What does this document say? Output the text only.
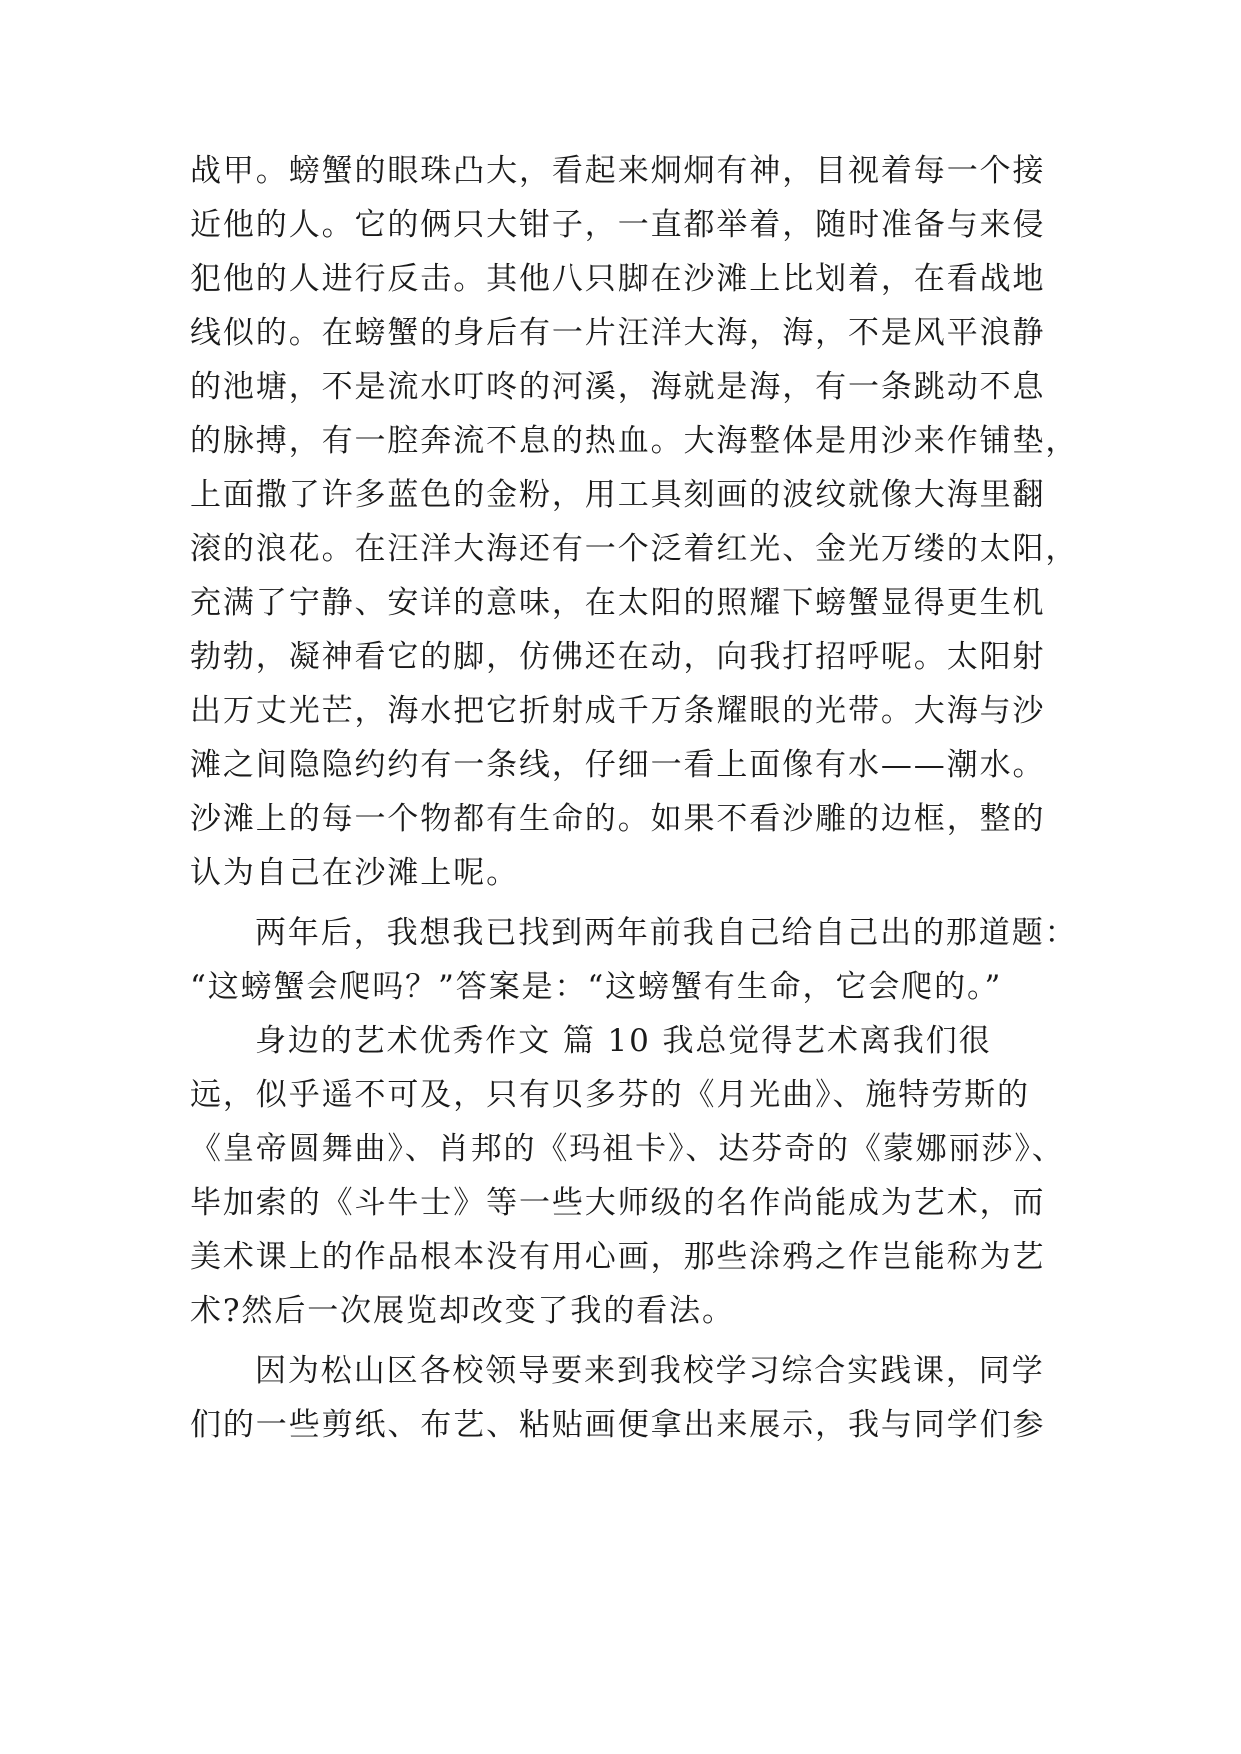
战甲。螃蟹的眼珠凸大，看起来炯炯有神，目视着每一个接
近他的人。它的俩只大钳子，一直都举着，随时准备与来侵
犯他的人进行反击。其他八只脚在沙滩上比划着，在看战地
线似的。在螃蟹的身后有一片汪洋大海，海，不是风平浪静
的池塘，不是流水叮咚的河溪，海就是海，有一条跳动不息
的脉搏，有一腔奔流不息的热血。大海整体是用沙来作铺垫，
上面撒了许多蓝色的金粉，用工具刻画的波纹就像大海里翻
滚的浪花。在汪洋大海还有一个泛着红光、金光万缕的太阳，
充满了宁静、安详的意味，在太阳的照耀下螃蟹显得更生机
勃勃，凝神看它的脚，仿佛还在动，向我打招呼呢。太阳射
出万丈光芒，海水把它折射成千万条耀眼的光带。大海与沙
滩之间隐隐约约有一条线，仔细一看上面像有水——潮水。
沙滩上的每一个物都有生命的。如果不看沙雕的边框，整的
认为自己在沙滩上呢。
两年后，我想我已找到两年前我自己给自己出的那道题：
“这螃蟹会爬吗？”答案是：“这螃蟹有生命，它会爬的。”
身边的艺术优秀作文 篇 10 我总觉得艺术离我们很
远，似乎遥不可及，只有贝多芬的《月光曲》、施特劳斯的
《皇帝圆舞曲》、肖邦的《玛祖卡》、达芬奇的《蒙娜丽莎》、
毕加索的《斗牛士》等一些大师级的名作尚能成为艺术，而
美术课上的作品根本没有用心画，那些涂鸦之作岂能称为艺
术?然后一次展览却改变了我的看法。
因为松山区各校领导要来到我校学习综合实践课，同学
们的一些剪纸、布艺、粘贴画便拿出来展示，我与同学们参
